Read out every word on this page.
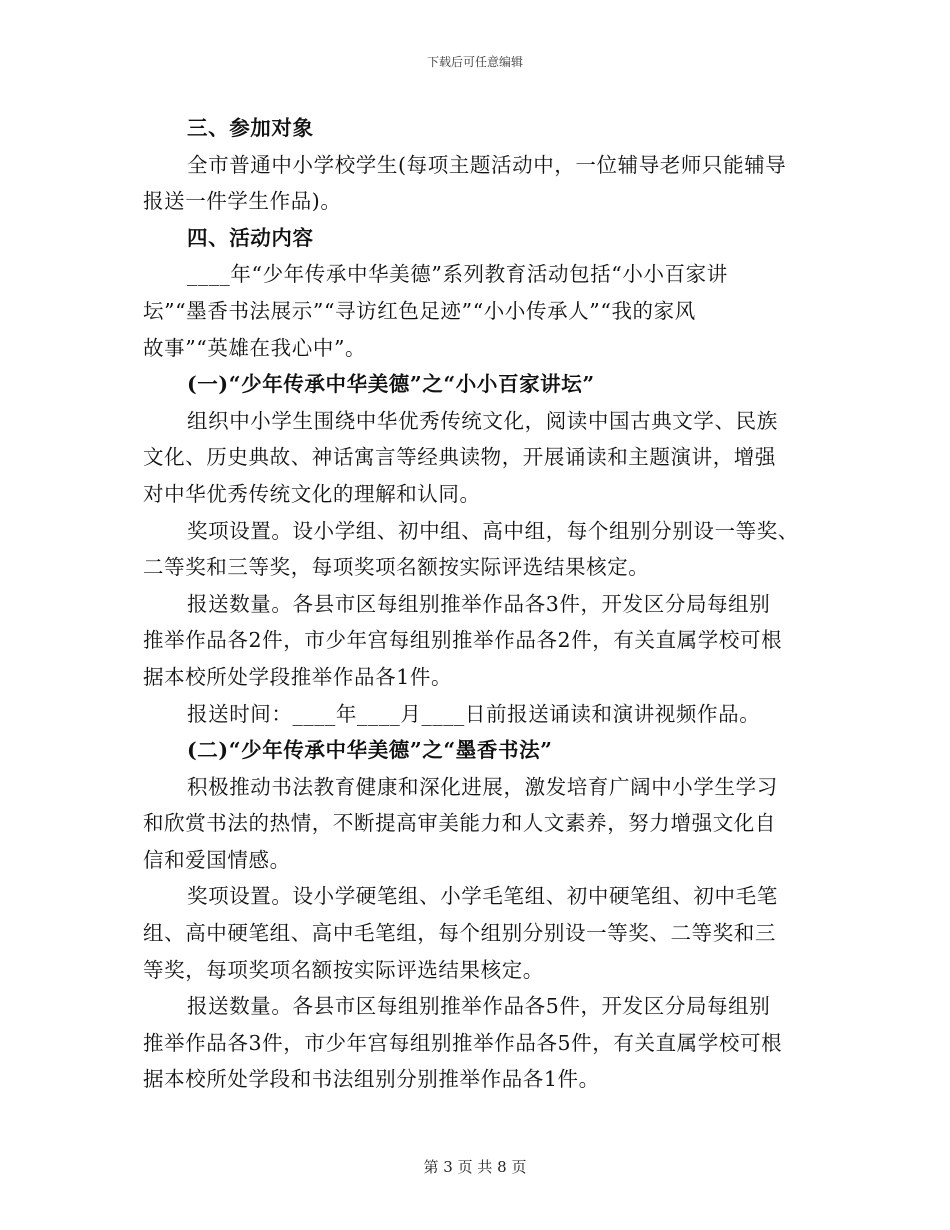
下载后可任意编辑
三、参加对象
全市普通中小学校学生(每项主题活动中，一位辅导老师只能辅导
报送一件学生作品)。
四、活动内容
____年“少年传承中华美德”系列教育活动包括“小小百家讲
坛”“墨香书法展示”“寻访红色足迹”“小小传承人”“我的家风
故事”“英雄在我心中”。
(一)“少年传承中华美德”之“小小百家讲坛”
组织中小学生围绕中华优秀传统文化，阅读中国古典文学、民族
文化、历史典故、神话寓言等经典读物，开展诵读和主题演讲，增强
对中华优秀传统文化的理解和认同。
奖项设置。设小学组、初中组、高中组，每个组别分别设一等奖、
二等奖和三等奖，每项奖项名额按实际评选结果核定。
报送数量。各县市区每组别推举作品各3件，开发区分局每组别
推举作品各2件，市少年宫每组别推举作品各2件，有关直属学校可根
据本校所处学段推举作品各1件。
报送时间：____年____月____日前报送诵读和演讲视频作品。
(二)“少年传承中华美德”之“墨香书法”
积极推动书法教育健康和深化进展，激发培育广阔中小学生学习
和欣赏书法的热情，不断提高审美能力和人文素养，努力增强文化自
信和爱国情感。
奖项设置。设小学硬笔组、小学毛笔组、初中硬笔组、初中毛笔
组、高中硬笔组、高中毛笔组，每个组别分别设一等奖、二等奖和三
等奖，每项奖项名额按实际评选结果核定。
报送数量。各县市区每组别推举作品各5件，开发区分局每组别
推举作品各3件，市少年宫每组别推举作品各5件，有关直属学校可根
据本校所处学段和书法组别分别推举作品各1件。
第 3 页 共 8 页
